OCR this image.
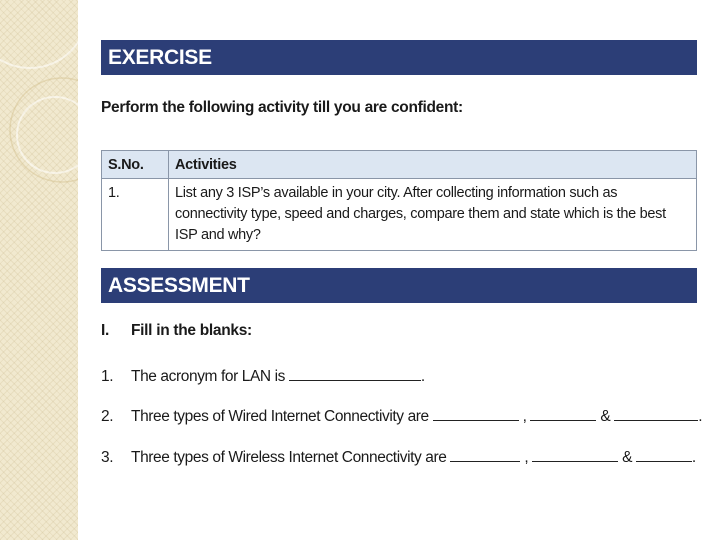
EXERCISE
Perform the following activity till you are confident:
S.No.	Activities
1.	List any 3 ISP’s available in your city. After collecting information such as connectivity type, speed and charges, compare them and state which is the best ISP and why?
ASSESSMENT
I. Fill in the blanks:
1. The acronym for LAN is	.
2. Three types of Wired Internet Connectivity are	,	&	.
3. Three types of Wireless Internet Connectivity are	,	&	.
